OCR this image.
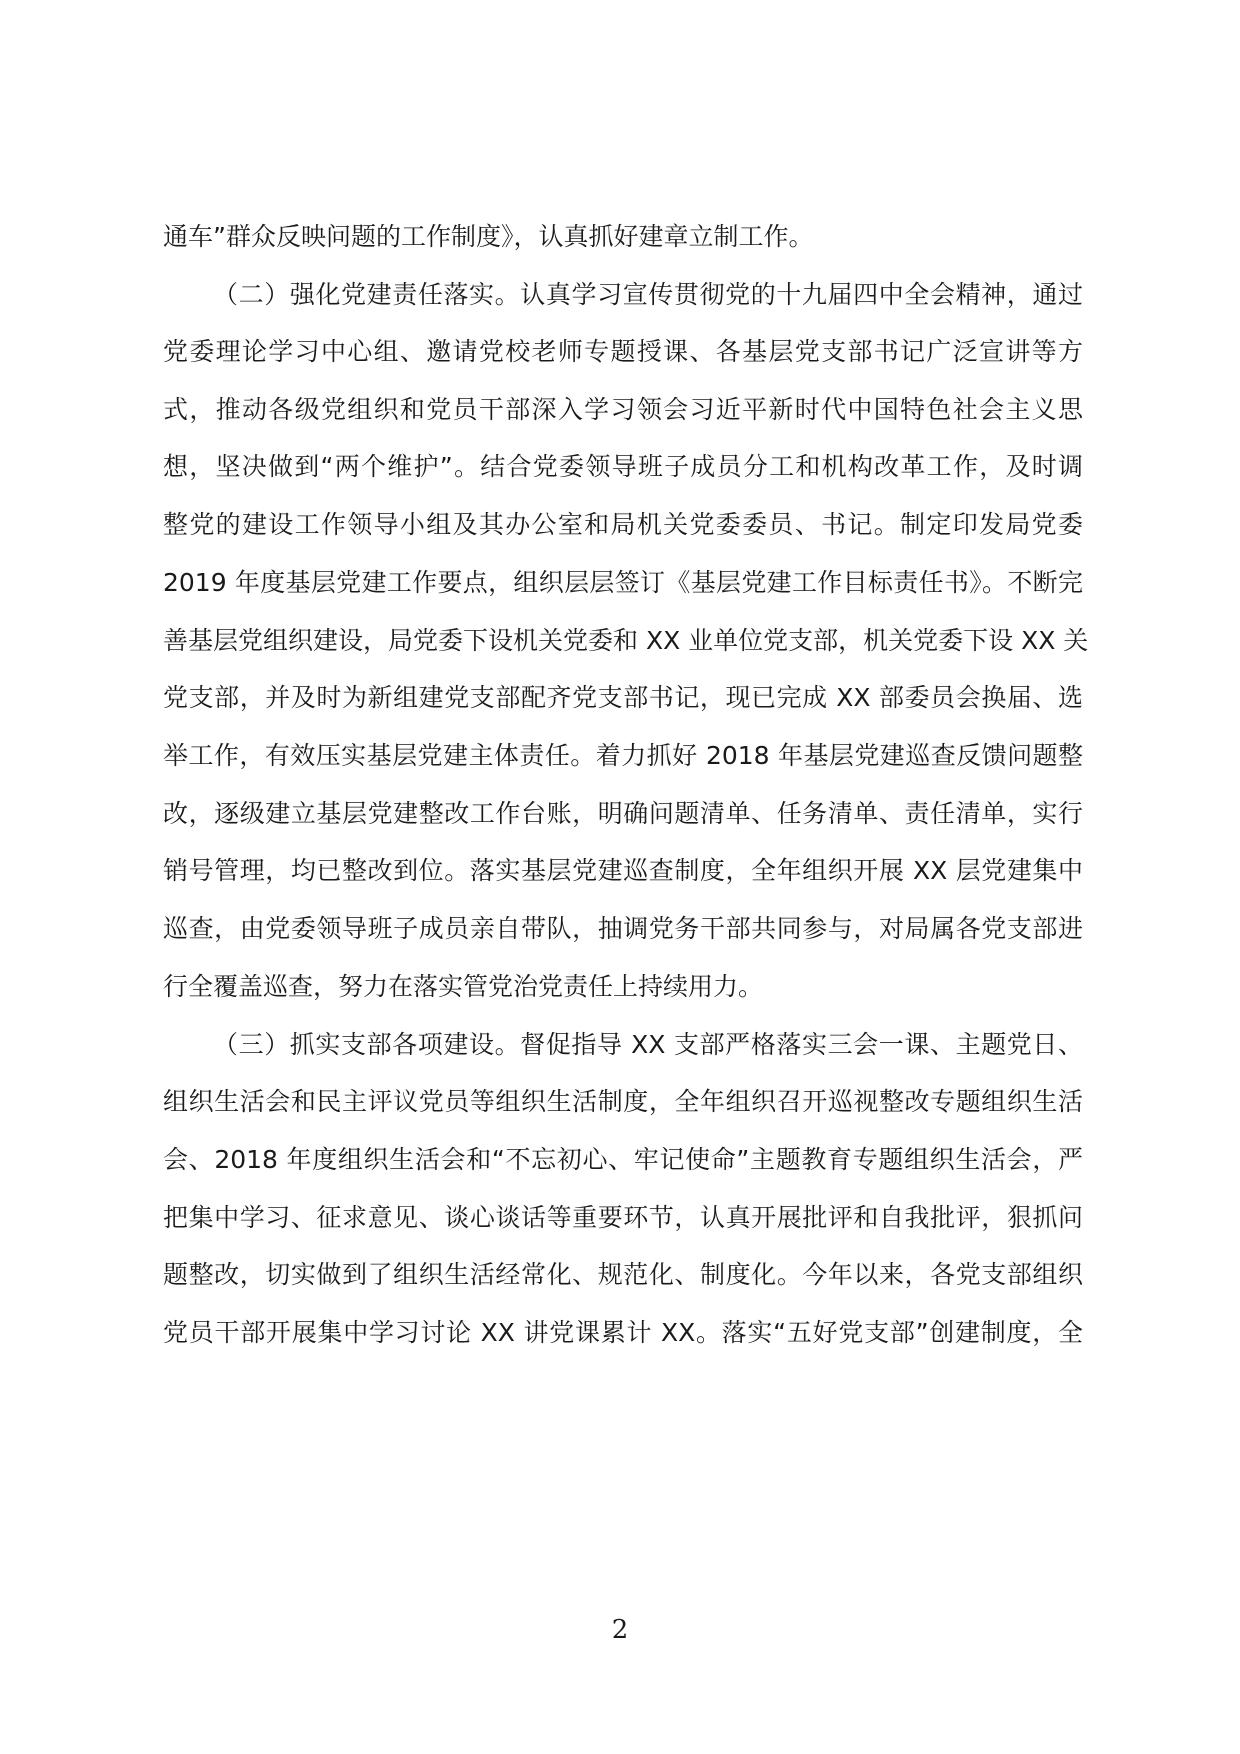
通车”群众反映问题的工作制度》，认真抓好建章立制工作。
（二）强化党建责任落实。认真学习宣传贯彻党的十九届四中全会精神，通过
党委理论学习中心组、邀请党校老师专题授课、各基层党支部书记广泛宣讲等方
式，推动各级党组织和党员干部深入学习领会习近平新时代中国特色社会主义思
想，坚决做到“两个维护”。结合党委领导班子成员分工和机构改革工作，及时调
整党的建设工作领导小组及其办公室和局机关党委委员、书记。制定印发局党委
2019 年度基层党建工作要点，组织层层签订《基层党建工作目标责任书》。不断完
善基层党组织建设，局党委下设机关党委和 XX 业单位党支部，机关党委下设 XX 关
党支部，并及时为新组建党支部配齐党支部书记，现已完成 XX 部委员会换届、选
举工作，有效压实基层党建主体责任。着力抓好 2018 年基层党建巡查反馈问题整
改，逐级建立基层党建整改工作台账，明确问题清单、任务清单、责任清单，实行
销号管理，均已整改到位。落实基层党建巡查制度，全年组织开展 XX 层党建集中
巡查，由党委领导班子成员亲自带队，抽调党务干部共同参与，对局属各党支部进
行全覆盖巡查，努力在落实管党治党责任上持续用力。
（三）抓实支部各项建设。督促指导 XX 支部严格落实三会一课、主题党日、
组织生活会和民主评议党员等组织生活制度，全年组织召开巡视整改专题组织生活
会、2018 年度组织生活会和“不忘初心、牢记使命”主题教育专题组织生活会，严
把集中学习、征求意见、谈心谈话等重要环节，认真开展批评和自我批评，狠抓问
题整改，切实做到了组织生活经常化、规范化、制度化。今年以来，各党支部组织
党员干部开展集中学习讨论 XX 讲党课累计 XX。落实“五好党支部”创建制度，全
2
